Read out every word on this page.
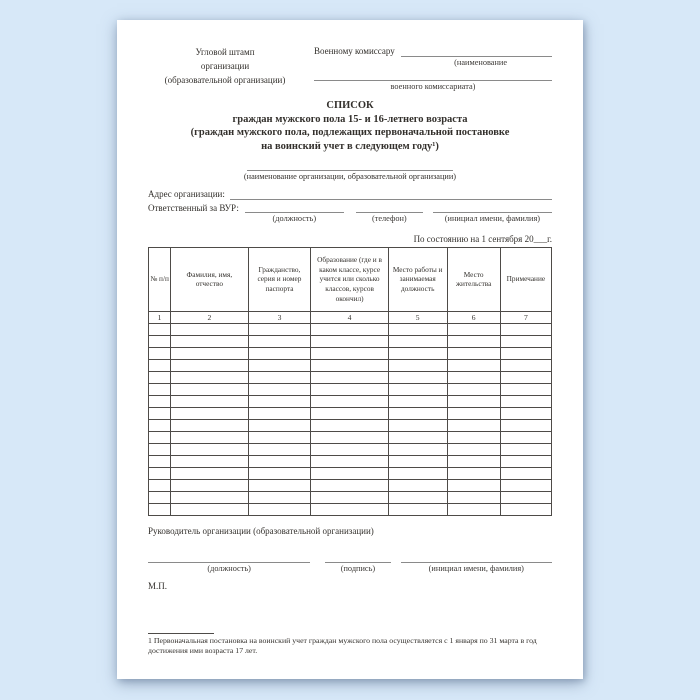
Угловой штамп
организации
(образовательной организации)
Военному комиссару
(наименование
военного комиссариата)
СПИСОК
граждан мужского пола 15- и 16-летнего возраста
(граждан мужского пола, подлежащих первоначальной постановке
на воинский учет в следующем году¹)
(наименование организации, образовательной организации)
Адрес организации:
Ответственный за ВУР:
(должность)	(телефон)	(инициал имени, фамилия)
По состоянию на 1 сентября 20___г.
№ п/п	Фамилия, имя, отчество	Гражданство, серия и номер паспорта	Образование (где и в каком классе, курсе учится или сколько классов, курсов окончил)	Место работы и занимаемая должность	Место жительства	Примечание
1	2	3	4	5	6	7

Руководитель организации (образовательной организации)
(должность)	(подпись)	(инициал имени, фамилия)
М.П.
1 Первоначальная постановка на воинский учет граждан мужского пола осуществляется с 1 января по 31 марта в год достижения ими возраста 17 лет.
